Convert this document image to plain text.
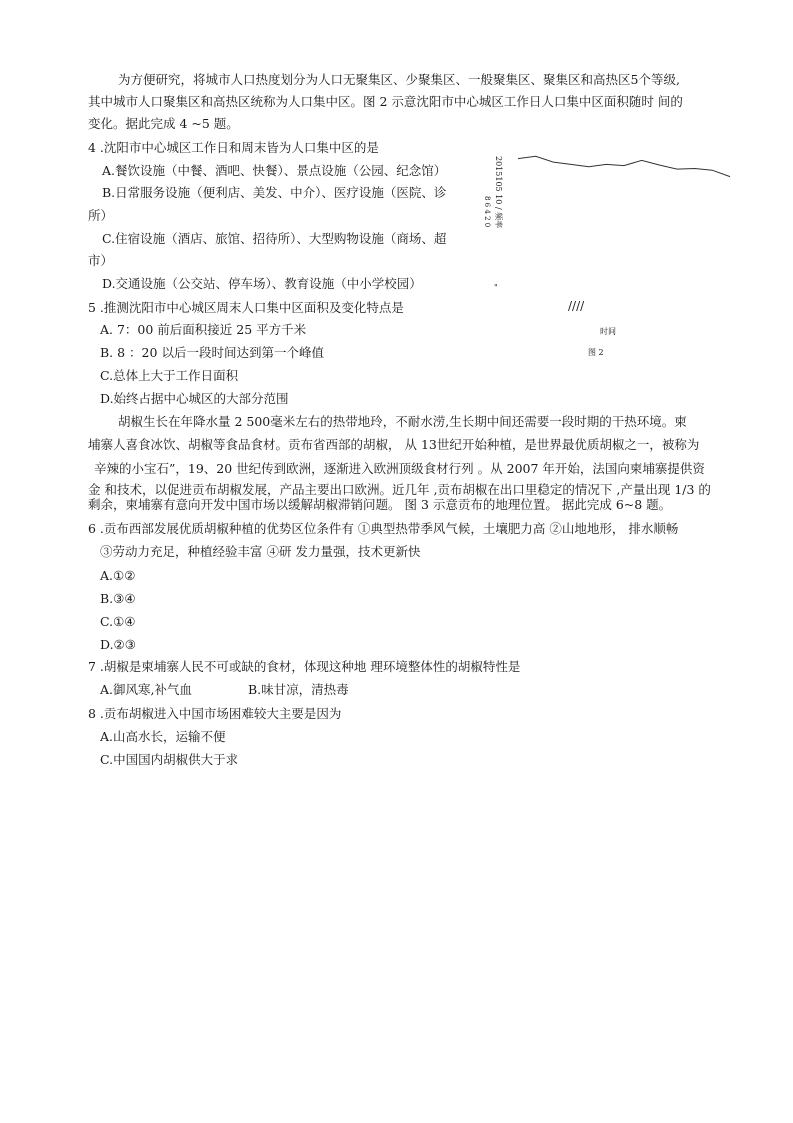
为方便研究，将城市人口热度划分为人口无聚集区、少聚集区、一般聚集区、聚集区和高热区5个等级,
其中城市人口聚集区和高热区统称为人口集中区。图 2 示意沈阳市中心城区工作日人口集中区面积随时 间的
变化。据此完成 4 ~5 题。
4 .沈阳市中心城区工作日和周末皆为人口集中区的是
A.餐饮设施（中餐、酒吧、快餐）、景点设施（公园、纪念馆）
B.日常服务设施（便利店、美发、中介）、医疗设施（医院、诊
所）
C.住宿设施（酒店、旅馆、招待所）、大型购物设施（商场、超
市）
D.交通设施（公交站、停车场）、教育设施（中小学校园）
2015105 10 / 频率
8 6 4 2 0
"
////
时间
图 2
5 .推测沈阳市中心城区周末人口集中区面积及变化特点是
A. 7：00 前后面积接近 25 平方千米
B. 8 ：20 以后一段时间达到第一个峰值
C.总体上大于工作日面积
D.始终占据中心城区的大部分范围
胡椒生长在年降水量 2 500毫米左右的热带地玲，不耐水涝,生长期中间还需要一段时期的干热环境。柬
埔寨人喜食冰饮、胡椒等食品食材。贡布省西部的胡椒， 从 13世纪开始种植，是世界最优质胡椒之一，被称为
辛辣的小宝石”，19、20 世纪传到欧洲，逐渐进入欧洲顶级食材行列 。从 2007 年开始，法国向柬埔寨提供资
金 和技术，以促进贡布胡椒发展，产品主要出口欧洲。近几年 ,贡布胡椒在出口里稳定的情况下 ,产量出现 1/3 的
剩余，柬埔寨有意向开发中国市场以缓解胡椒滞销问题。 图 3 示意贡布的地理位置。 据此完成 6~8 题。
6 .贡布西部发展优质胡椒种植的优势区位条件有 ①典型热带季风气候，土壤肥力高 ②山地地形， 排水顺畅
③劳动力充足，种植经验丰富 ④研 发力量强，技术更新快
A.①②
B.③④
C.①④
D.②③
7 .胡椒是柬埔寨人民不可或缺的食材，体现这种地 理环境整体性的胡椒特性是
A.御风寒,补气血	B.味甘凉，清热毒
8 .贡布胡椒进入中国市场困难较大主要是因为
A.山高水长，运输不便
C.中国国内胡椒供大于求
